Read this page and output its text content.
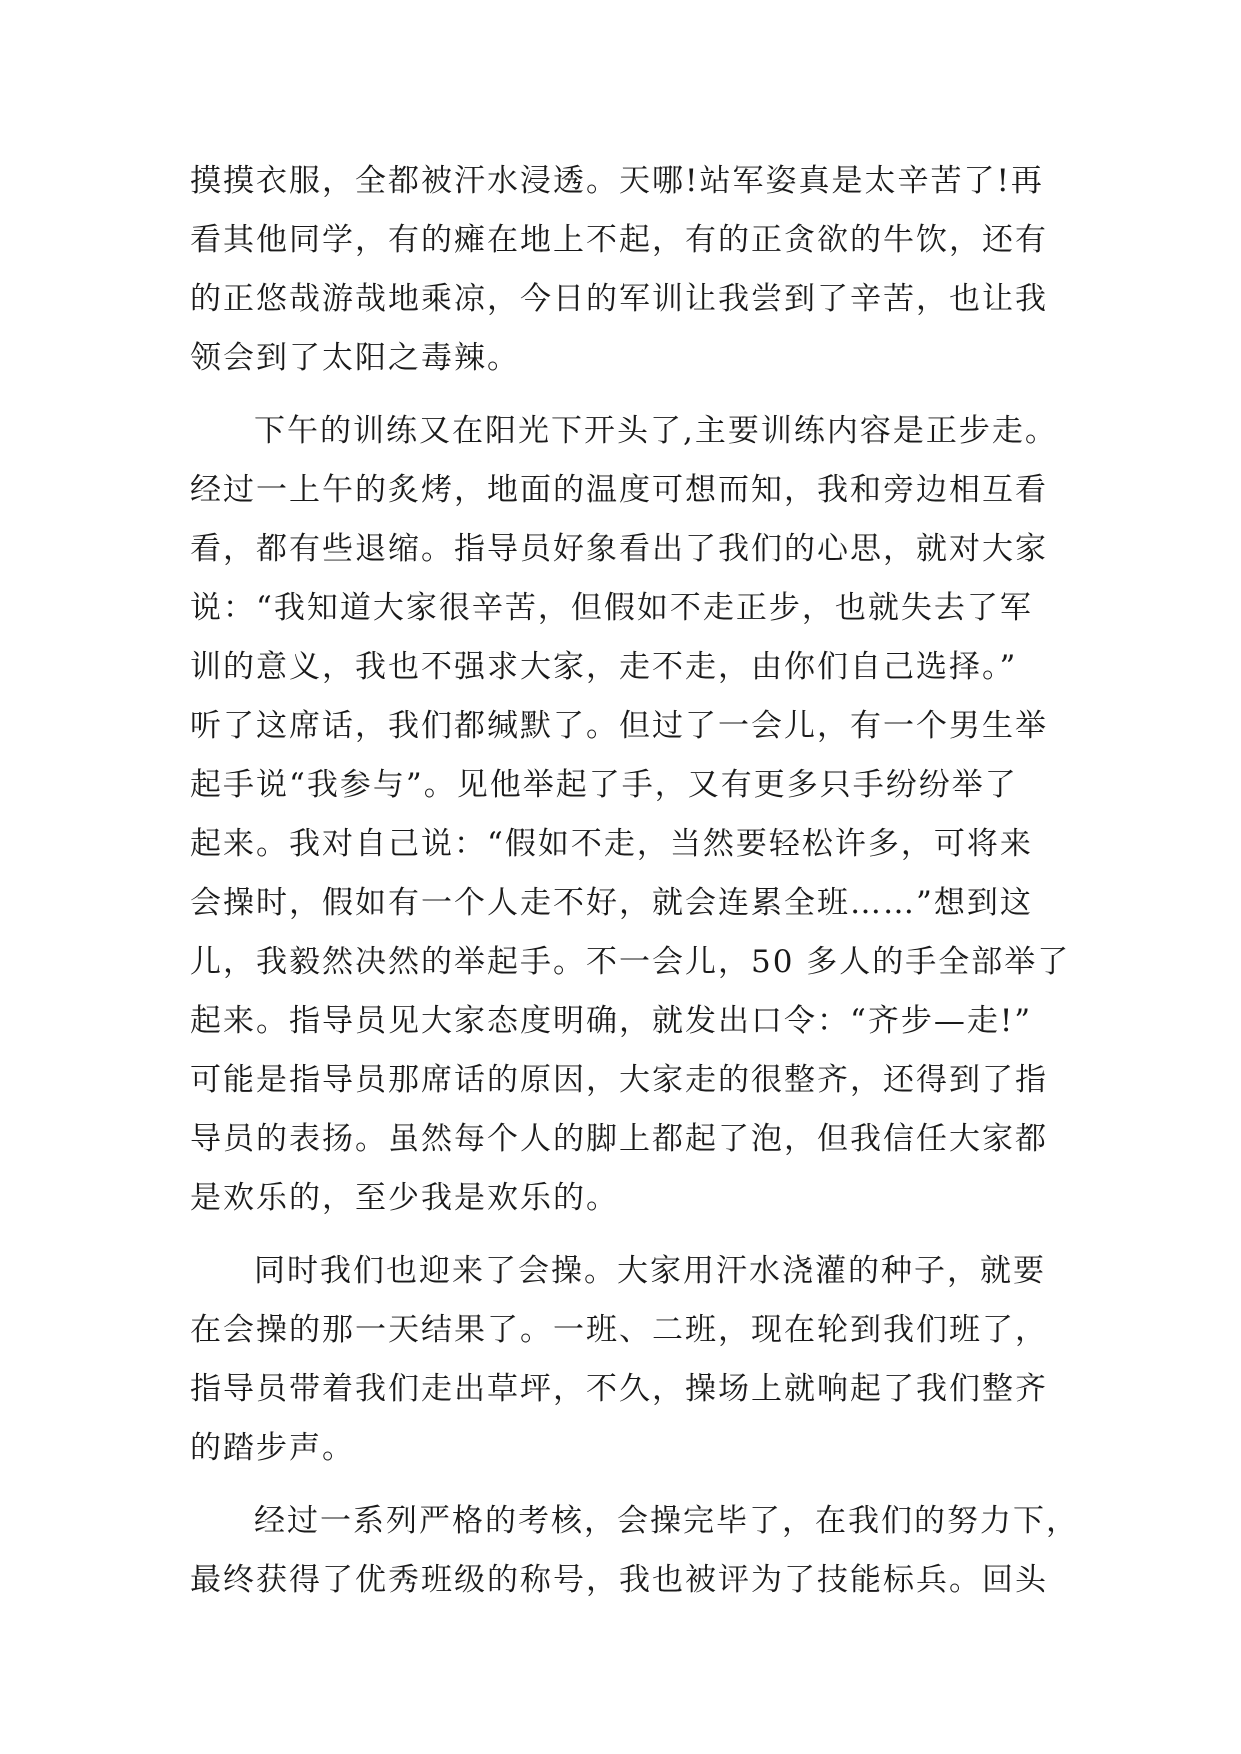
摸摸衣服，全都被汗水浸透。天哪!站军姿真是太辛苦了!再
看其他同学，有的瘫在地上不起，有的正贪欲的牛饮，还有
的正悠哉游哉地乘凉，今日的军训让我尝到了辛苦，也让我
领会到了太阳之毒辣。
下午的训练又在阳光下开头了,主要训练内容是正步走。
经过一上午的炙烤，地面的温度可想而知，我和旁边相互看
看，都有些退缩。指导员好象看出了我们的心思，就对大家
说：“我知道大家很辛苦，但假如不走正步，也就失去了军
训的意义，我也不强求大家，走不走，由你们自己选择。”
听了这席话，我们都缄默了。但过了一会儿，有一个男生举
起手说“我参与”。见他举起了手，又有更多只手纷纷举了
起来。我对自己说：“假如不走，当然要轻松许多，可将来
会操时，假如有一个人走不好，就会连累全班……”想到这
儿，我毅然决然的举起手。不一会儿，50 多人的手全部举了
起来。指导员见大家态度明确，就发出口令：“齐步—走!”
可能是指导员那席话的原因，大家走的很整齐，还得到了指
导员的表扬。虽然每个人的脚上都起了泡，但我信任大家都
是欢乐的，至少我是欢乐的。
同时我们也迎来了会操。大家用汗水浇灌的种子，就要
在会操的那一天结果了。一班、二班，现在轮到我们班了，
指导员带着我们走出草坪，不久，操场上就响起了我们整齐
的踏步声。
经过一系列严格的考核，会操完毕了，在我们的努力下，
最终获得了优秀班级的称号，我也被评为了技能标兵。回头
